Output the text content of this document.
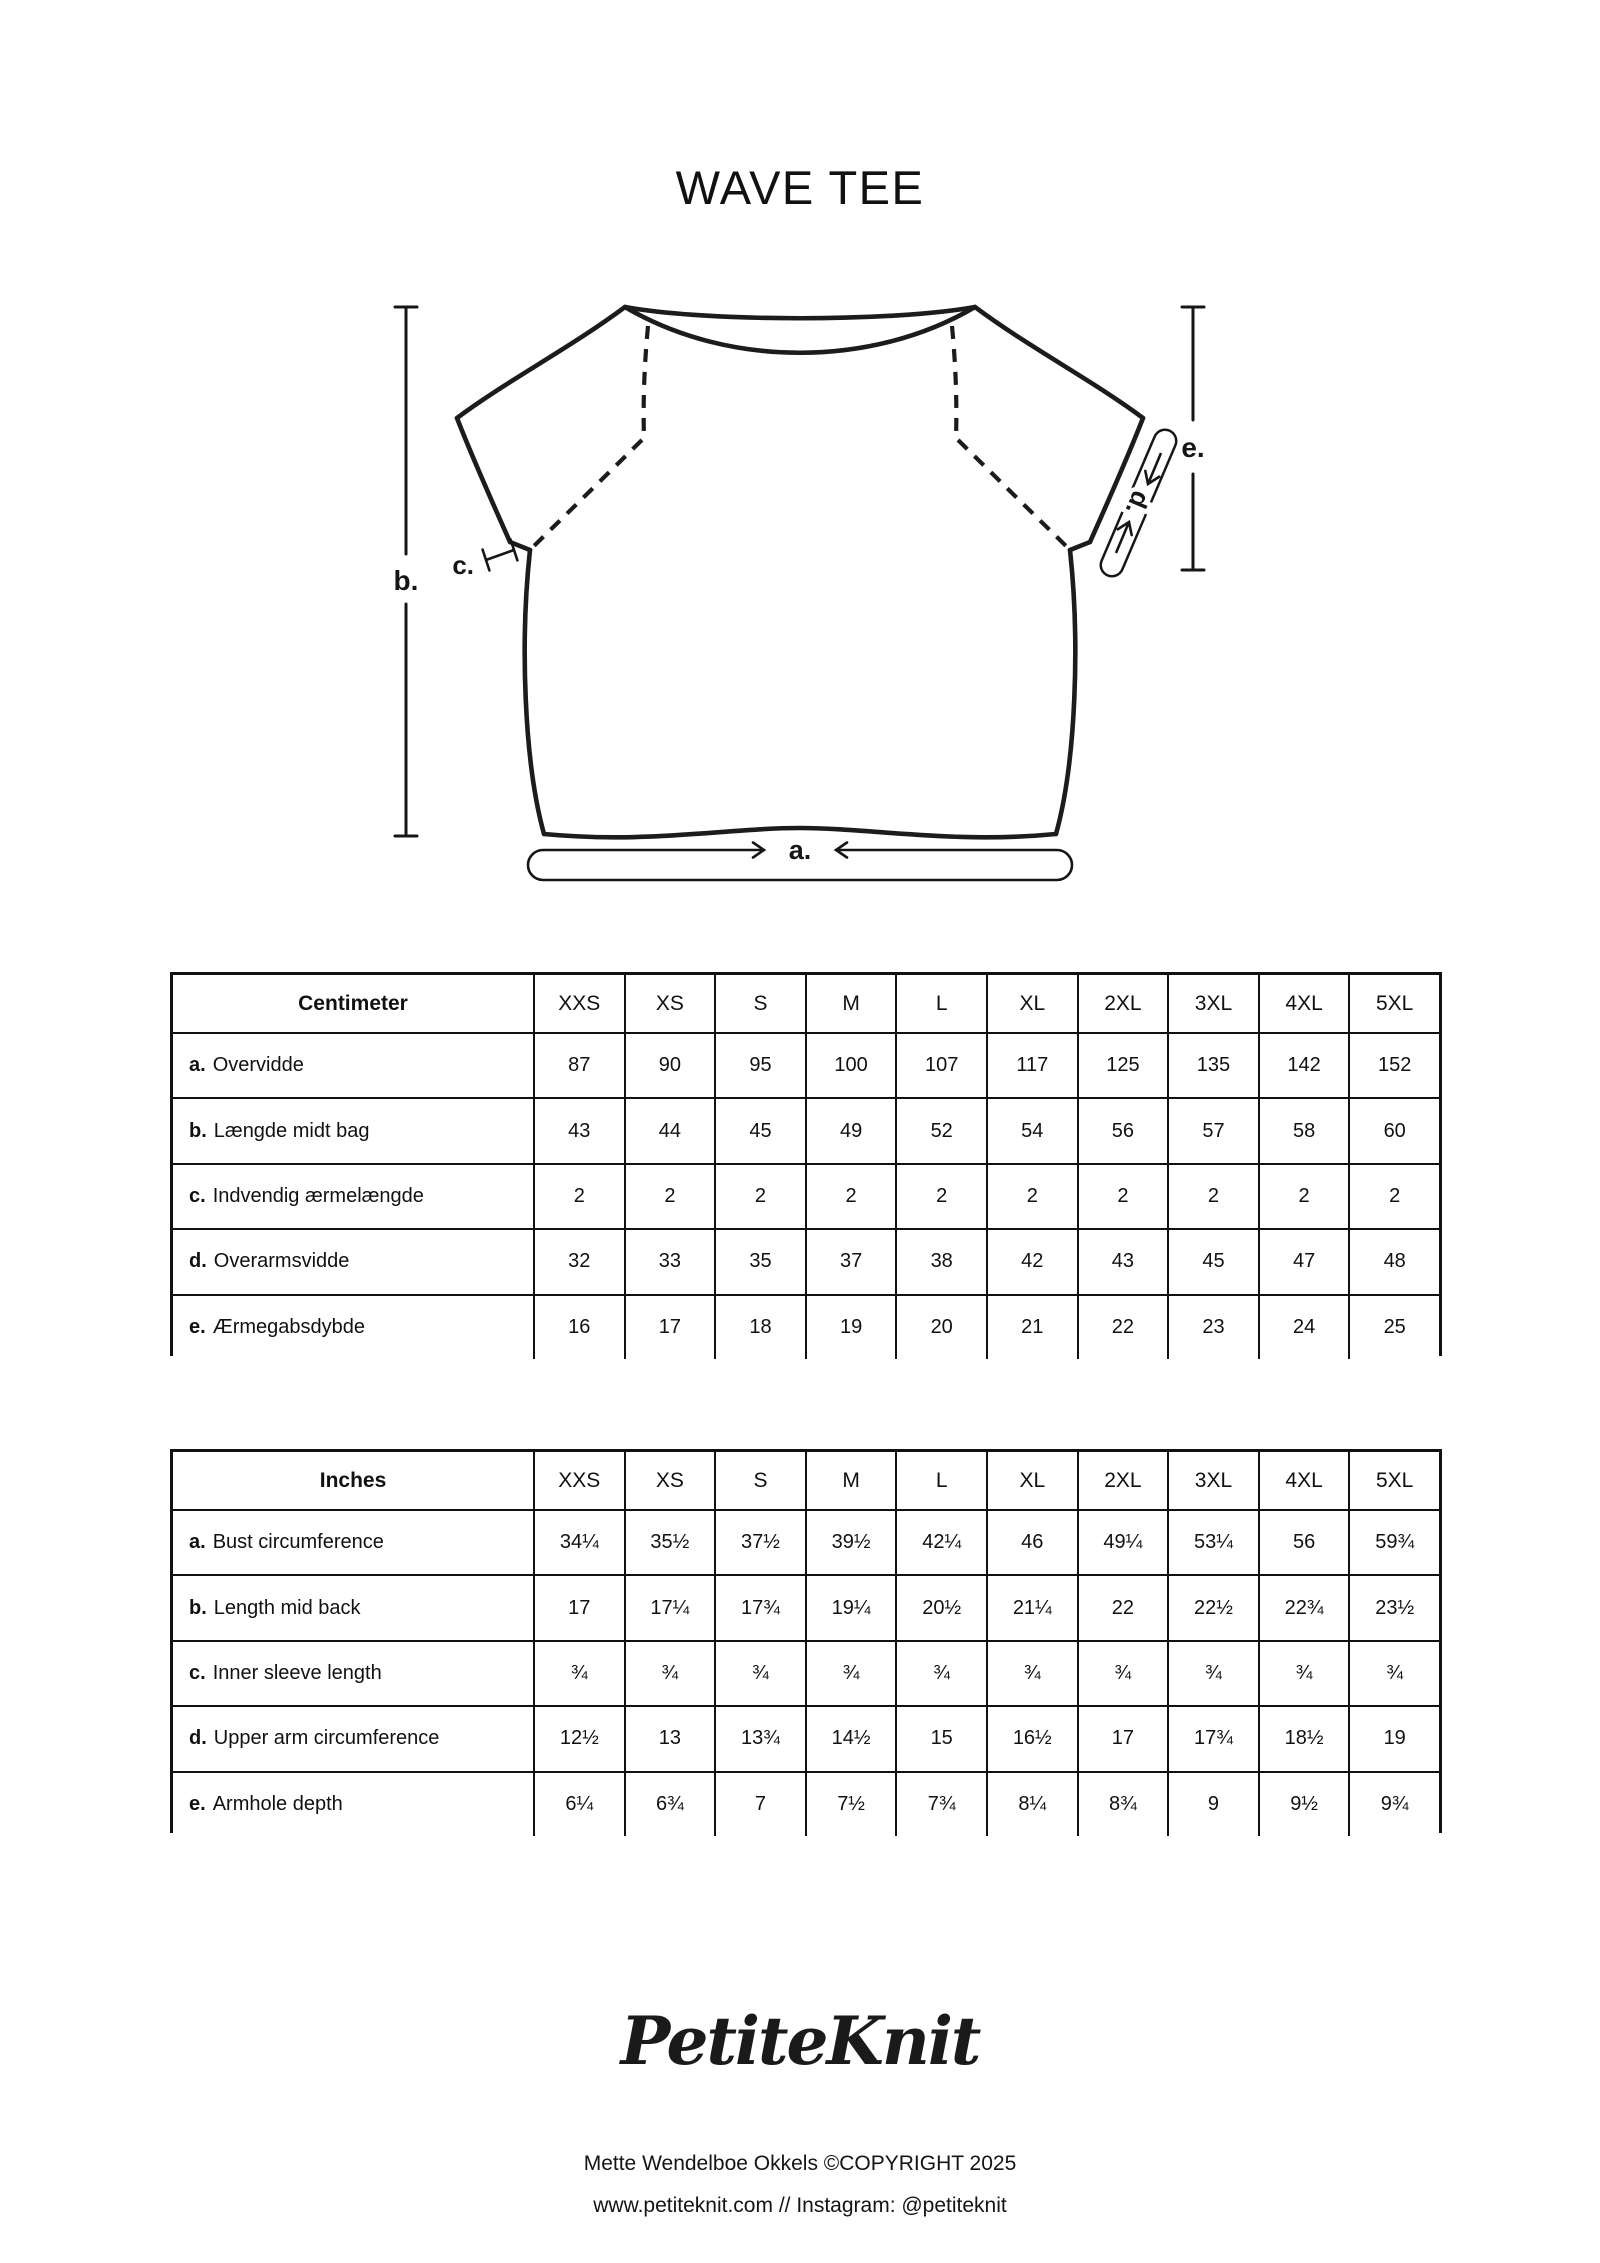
WAVE TEE
b.
e.
c.
d.
a.
Centimeter	XXS	XS	S	M	L	XL	2XL	3XL	4XL	5XL
a. Overvidde	87	90	95	100	107	117	125	135	142	152
b. Længde midt bag	43	44	45	49	52	54	56	57	58	60
c. Indvendig ærmelængde	2	2	2	2	2	2	2	2	2	2
d. Overarmsvidde	32	33	35	37	38	42	43	45	47	48
e. Ærmegabsdybde	16	17	18	19	20	21	22	23	24	25
Inches	XXS	XS	S	M	L	XL	2XL	3XL	4XL	5XL
a. Bust circumference	34¼	35½	37½	39½	42¼	46	49¼	53¼	56	59¾
b. Length mid back	17	17¼	17¾	19¼	20½	21¼	22	22½	22¾	23½
c. Inner sleeve length	¾	¾	¾	¾	¾	¾	¾	¾	¾	¾
d. Upper arm circumference	12½	13	13¾	14½	15	16½	17	17¾	18½	19
e. Armhole depth	6¼	6¾	7	7½	7¾	8¼	8¾	9	9½	9¾
PetiteKnit
Mette Wendelboe Okkels ©COPYRIGHT 2025
www.petiteknit.com // Instagram: @petiteknit
